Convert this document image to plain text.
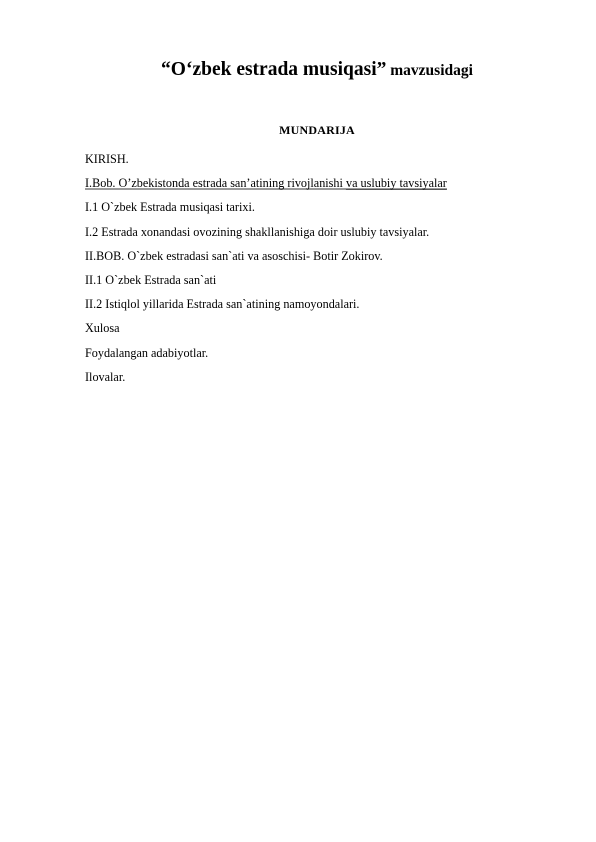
“O‘zbek estrada musiqasi” mavzusidagi
MUNDARIJA
KIRISH.
I.Bob. O’zbekistonda estrada san’atining rivojlanishi va uslubiy tavsiyalar
I.1 O`zbek Estrada musiqasi tarixi.
I.2 Estrada xonandasi ovozining shakllanishiga doir uslubiy tavsiyalar.
II.BOB. O`zbek estradasi san`ati va asoschisi- Botir Zokirov.
II.1 O`zbek Estrada san`ati
II.2 Istiqlol yillarida Estrada san`atining namoyondalari.
Xulosa
Foydalangan adabiyotlar.
Ilovalar.
